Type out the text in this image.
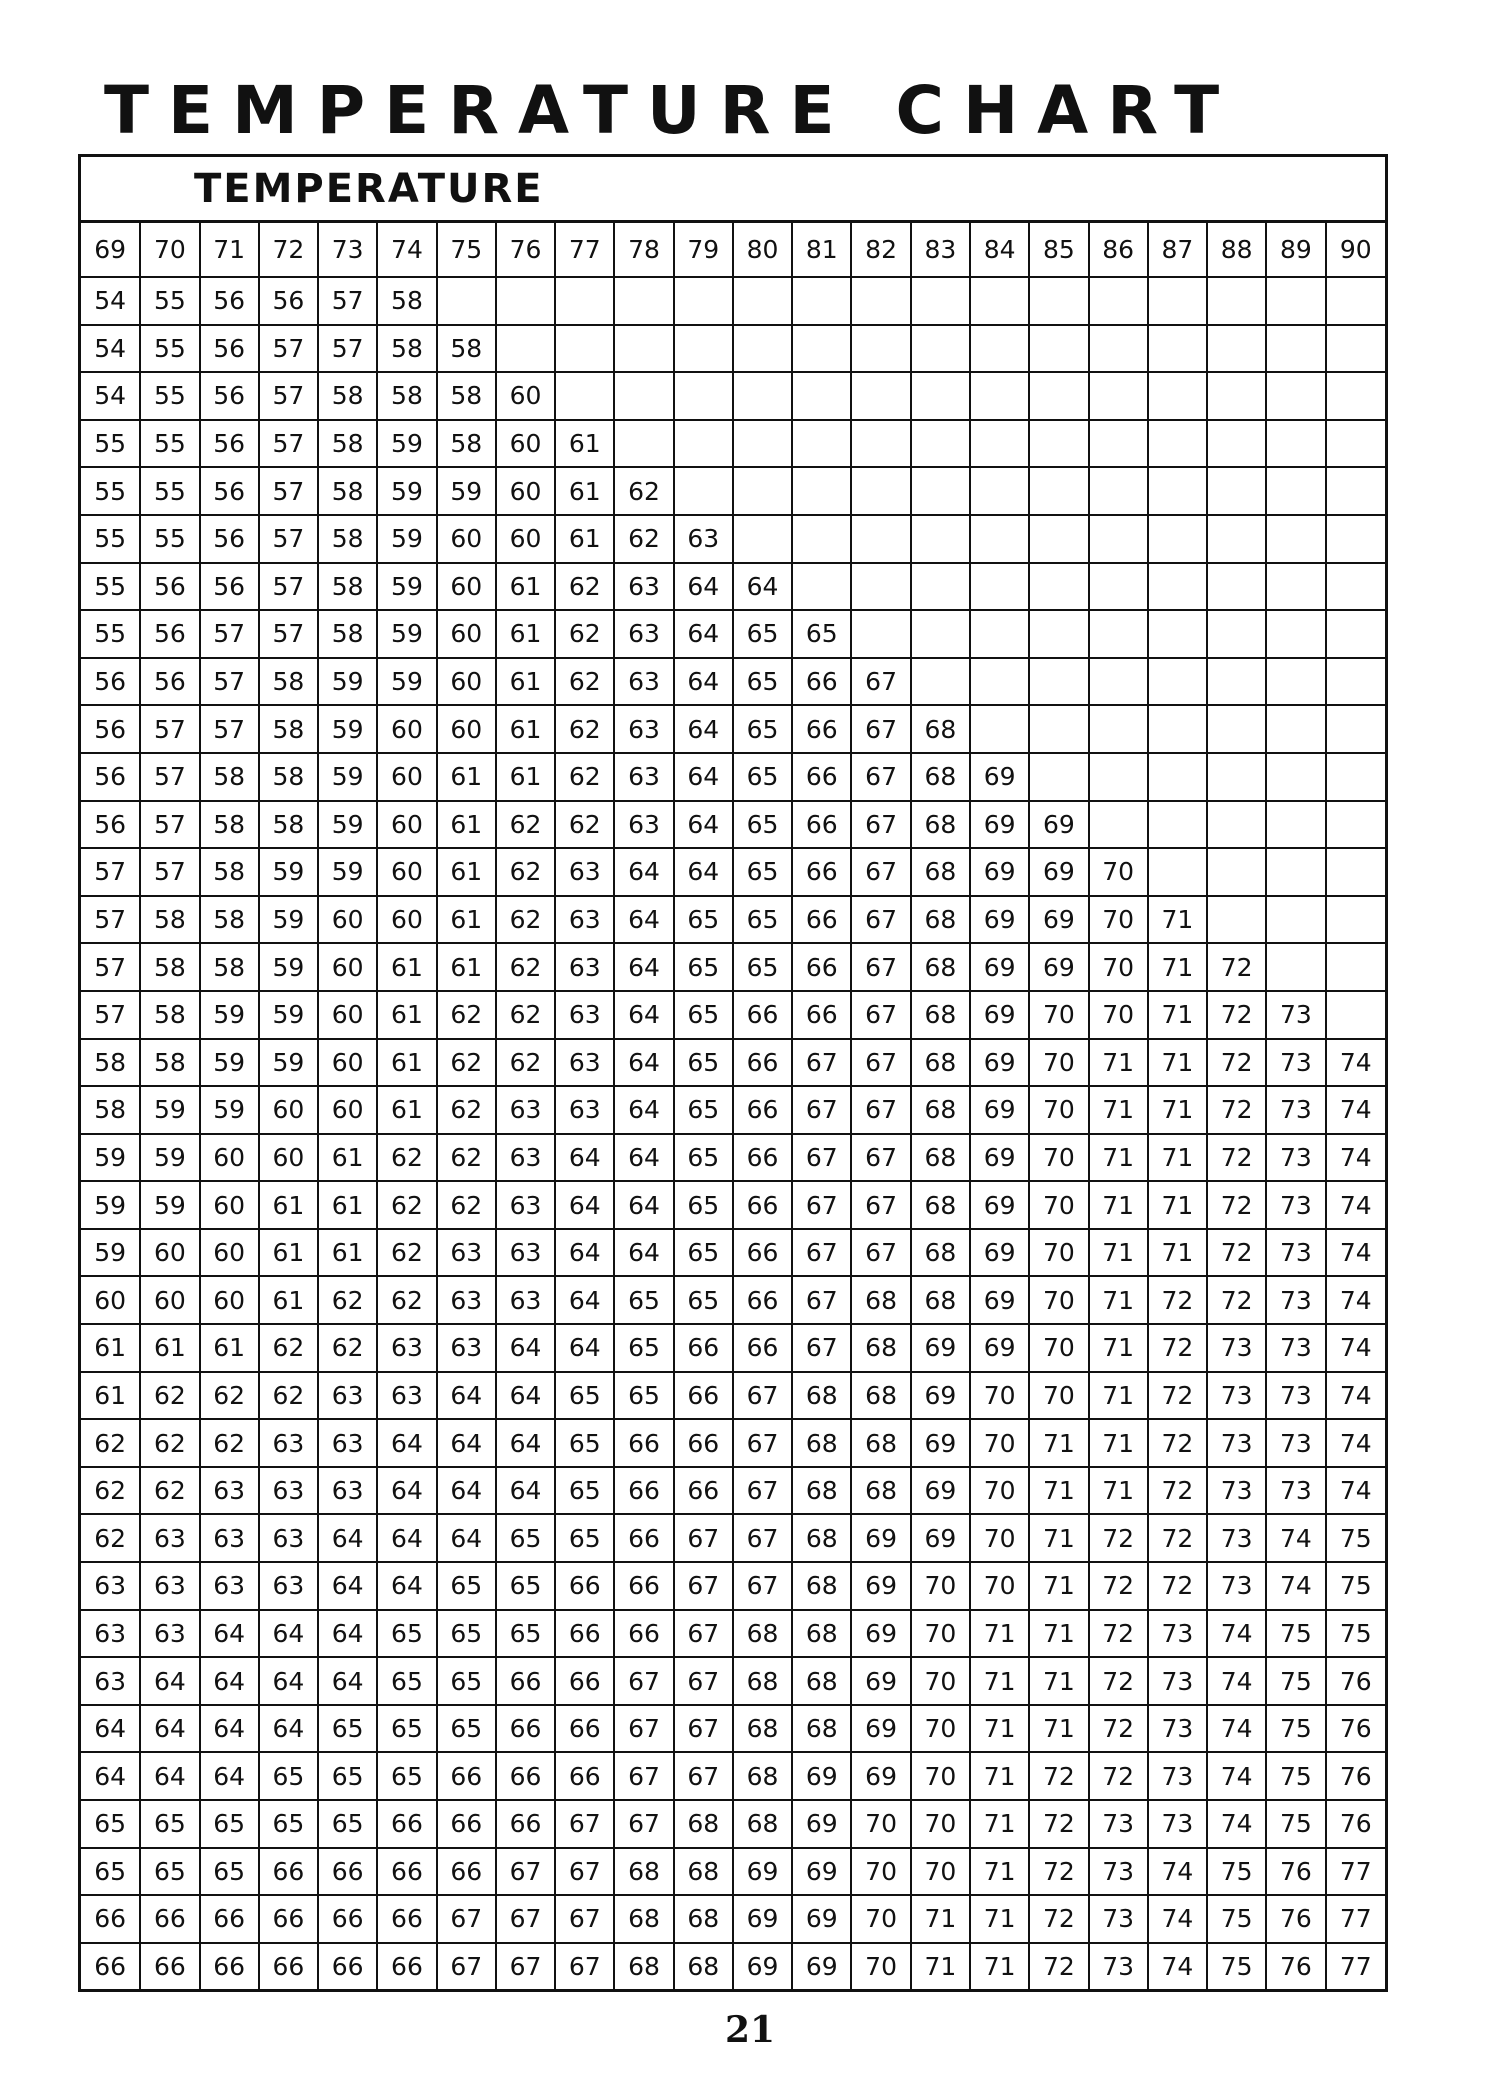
TEMPERATURE CHART
TEMPERATURE
69	70	71	72	73	74	75	76	77	78	79	80	81	82	83	84	85	86	87	88	89	90
54	55	56	56	57	58																
54	55	56	57	57	58	58															
54	55	56	57	58	58	58	60														
55	55	56	57	58	59	58	60	61													
55	55	56	57	58	59	59	60	61	62												
55	55	56	57	58	59	60	60	61	62	63											
55	56	56	57	58	59	60	61	62	63	64	64										
55	56	57	57	58	59	60	61	62	63	64	65	65									
56	56	57	58	59	59	60	61	62	63	64	65	66	67								
56	57	57	58	59	60	60	61	62	63	64	65	66	67	68							
56	57	58	58	59	60	61	61	62	63	64	65	66	67	68	69						
56	57	58	58	59	60	61	62	62	63	64	65	66	67	68	69	69					
57	57	58	59	59	60	61	62	63	64	64	65	66	67	68	69	69	70				
57	58	58	59	60	60	61	62	63	64	65	65	66	67	68	69	69	70	71			
57	58	58	59	60	61	61	62	63	64	65	65	66	67	68	69	69	70	71	72		
57	58	59	59	60	61	62	62	63	64	65	66	66	67	68	69	70	70	71	72	73	
58	58	59	59	60	61	62	62	63	64	65	66	67	67	68	69	70	71	71	72	73	74
58	59	59	60	60	61	62	63	63	64	65	66	67	67	68	69	70	71	71	72	73	74
59	59	60	60	61	62	62	63	64	64	65	66	67	67	68	69	70	71	71	72	73	74
59	59	60	61	61	62	62	63	64	64	65	66	67	67	68	69	70	71	71	72	73	74
59	60	60	61	61	62	63	63	64	64	65	66	67	67	68	69	70	71	71	72	73	74
60	60	60	61	62	62	63	63	64	65	65	66	67	68	68	69	70	71	72	72	73	74
61	61	61	62	62	63	63	64	64	65	66	66	67	68	69	69	70	71	72	73	73	74
61	62	62	62	63	63	64	64	65	65	66	67	68	68	69	70	70	71	72	73	73	74
62	62	62	63	63	64	64	64	65	66	66	67	68	68	69	70	71	71	72	73	73	74
62	62	63	63	63	64	64	64	65	66	66	67	68	68	69	70	71	71	72	73	73	74
62	63	63	63	64	64	64	65	65	66	67	67	68	69	69	70	71	72	72	73	74	75
63	63	63	63	64	64	65	65	66	66	67	67	68	69	70	70	71	72	72	73	74	75
63	63	64	64	64	65	65	65	66	66	67	68	68	69	70	71	71	72	73	74	75	75
63	64	64	64	64	65	65	66	66	67	67	68	68	69	70	71	71	72	73	74	75	76
64	64	64	64	65	65	65	66	66	67	67	68	68	69	70	71	71	72	73	74	75	76
64	64	64	65	65	65	66	66	66	67	67	68	69	69	70	71	72	72	73	74	75	76
65	65	65	65	65	66	66	66	67	67	68	68	69	70	70	71	72	73	73	74	75	76
65	65	65	66	66	66	66	67	67	68	68	69	69	70	70	71	72	73	74	75	76	77
66	66	66	66	66	66	67	67	67	68	68	69	69	70	71	71	72	73	74	75	76	77
66	66	66	66	66	66	67	67	67	68	68	69	69	70	71	71	72	73	74	75	76	77
21
